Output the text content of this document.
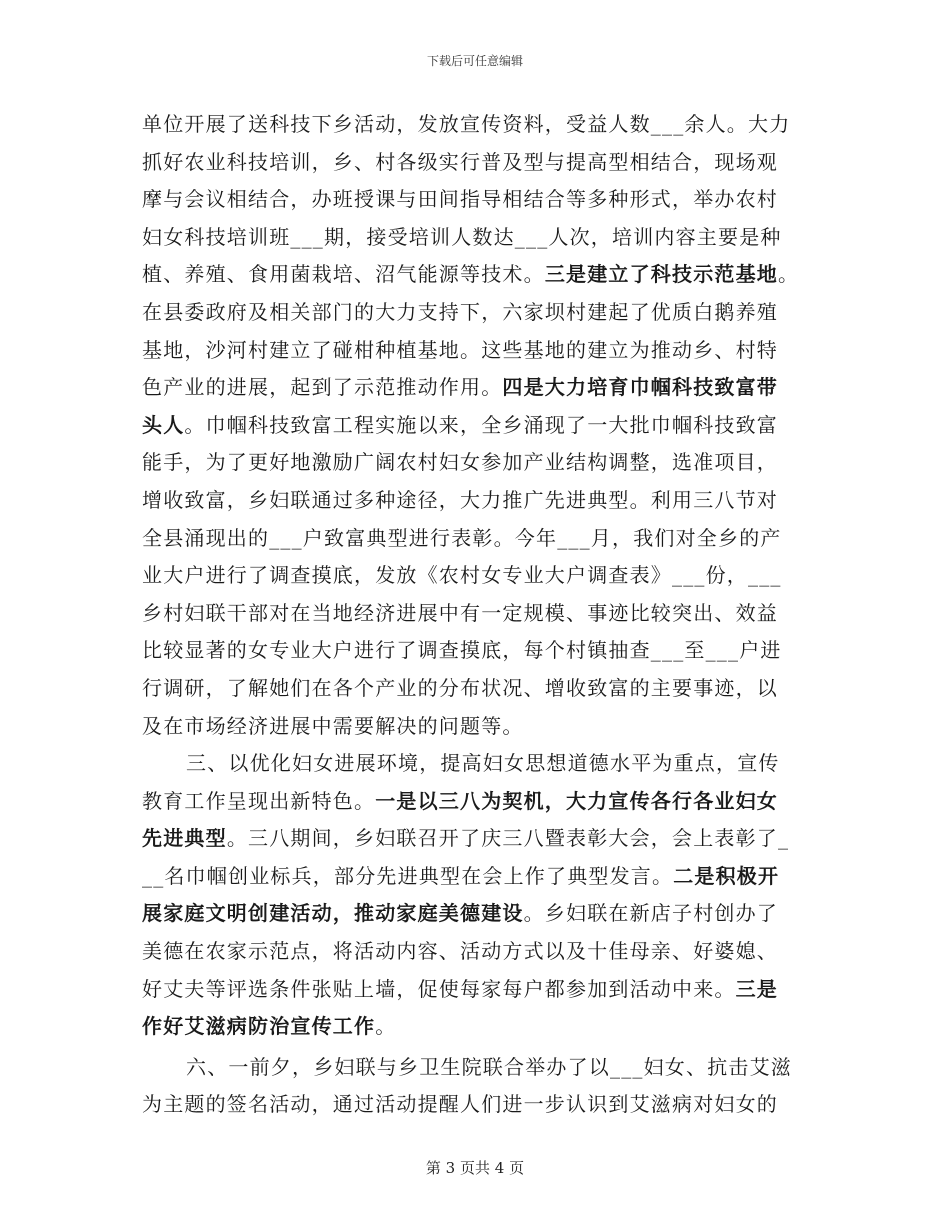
下载后可任意编辑
单位开展了送科技下乡活动，发放宣传资料，受益人数___余人。大力
抓好农业科技培训，乡、村各级实行普及型与提高型相结合，现场观
摩与会议相结合，办班授课与田间指导相结合等多种形式，举办农村
妇女科技培训班___期，接受培训人数达___人次，培训内容主要是种
植、养殖、食用菌栽培、沼气能源等技术。三是建立了科技示范基地。
在县委政府及相关部门的大力支持下，六家坝村建起了优质白鹅养殖
基地，沙河村建立了碰柑种植基地。这些基地的建立为推动乡、村特
色产业的进展，起到了示范推动作用。四是大力培育巾帼科技致富带
头人。巾帼科技致富工程实施以来，全乡涌现了一大批巾帼科技致富
能手，为了更好地激励广阔农村妇女参加产业结构调整，选准项目，
增收致富，乡妇联通过多种途径，大力推广先进典型。利用三八节对
全县涌现出的___户致富典型进行表彰。今年___月，我们对全乡的产
业大户进行了调查摸底，发放《农村女专业大户调查表》___份，___
乡村妇联干部对在当地经济进展中有一定规模、事迹比较突出、效益
比较显著的女专业大户进行了调查摸底，每个村镇抽查___至___户进
行调研，了解她们在各个产业的分布状况、增收致富的主要事迹，以
及在市场经济进展中需要解决的问题等。
三、以优化妇女进展环境，提高妇女思想道德水平为重点，宣传
教育工作呈现出新特色。一是以三八为契机，大力宣传各行各业妇女
先进典型。三八期间，乡妇联召开了庆三八暨表彰大会，会上表彰了_
__名巾帼创业标兵，部分先进典型在会上作了典型发言。二是积极开
展家庭文明创建活动，推动家庭美德建设。乡妇联在新店子村创办了
美德在农家示范点，将活动内容、活动方式以及十佳母亲、好婆媳、
好丈夫等评选条件张贴上墙，促使每家每户都参加到活动中来。三是
作好艾滋病防治宣传工作。
六、一前夕，乡妇联与乡卫生院联合举办了以___妇女、抗击艾滋
为主题的签名活动，通过活动提醒人们进一步认识到艾滋病对妇女的
第 3 页共 4 页
